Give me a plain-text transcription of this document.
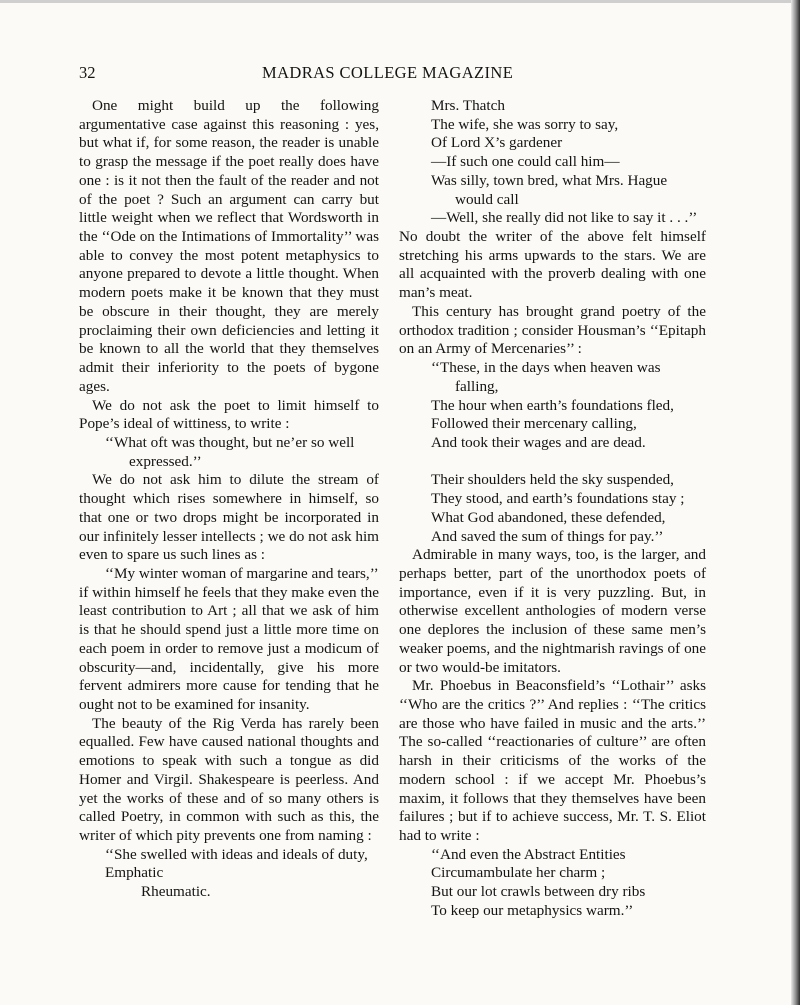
32	MADRAS COLLEGE MAGAZINE

One might build up the following argumentative case against this reasoning : yes, but what if, for some reason, the reader is unable to grasp the message if the poet really does have one : is it not then the fault of the reader and not of the poet ? Such an argument can carry but little weight when we reflect that Wordsworth in the ‘‘Ode on the Intimations of Immortality’’ was able to convey the most potent metaphysics to anyone prepared to devote a little thought. When modern poets make it be known that they must be obscure in their thought, they are merely proclaiming their own deficiencies and letting it be known to all the world that they themselves admit their inferiority to the poets of bygone ages.

We do not ask the poet to limit himself to Pope’s ideal of wittiness, to write :

‘‘What oft was thought, but ne’er so well expressed.’’

We do not ask him to dilute the stream of thought which rises somewhere in himself, so that one or two drops might be incorporated in our infinitely lesser intellects ; we do not ask him even to spare us such lines as :

‘‘My winter woman of margarine and tears,’’

if within himself he feels that they make even the least contribution to Art ; all that we ask of him is that he should spend just a little more time on each poem in order to remove just a modicum of obscurity—and, incidentally, give his more fervent admirers more cause for tending that he ought not to be examined for insanity.

The beauty of the Rig Verda has rarely been equalled. Few have caused national thoughts and emotions to speak with such a tongue as did Homer and Virgil. Shakespeare is peerless. And yet the works of these and of so many others is called Poetry, in common with such as this, the writer of which pity prevents one from naming :

‘‘She swelled with ideas and ideals of duty,
Emphatic
Rheumatic.
Mrs. Thatch
The wife, she was sorry to say,
Of Lord X’s gardener
—If such one could call him—
Was silly, town bred, what Mrs. Hague would call
—Well, she really did not like to say it . . .’’

No doubt the writer of the above felt himself stretching his arms upwards to the stars. We are all acquainted with the proverb dealing with one man’s meat.

This century has brought grand poetry of the orthodox tradition ; consider Housman’s ‘‘Epitaph on an Army of Mercenaries’’ :

‘‘These, in the days when heaven was falling,
The hour when earth’s foundations fled,
Followed their mercenary calling,
And took their wages and are dead.
Their shoulders held the sky suspended,
They stood, and earth’s foundations stay ;
What God abandoned, these defended,
And saved the sum of things for pay.’’

Admirable in many ways, too, is the larger, and perhaps better, part of the unorthodox poets of importance, even if it is very puzzling. But, in otherwise excellent anthologies of modern verse one deplores the inclusion of these same men’s weaker poems, and the nightmarish ravings of one or two would-be imitators.

Mr. Phoebus in Beaconsfield’s ‘‘Lothair’’ asks ‘‘Who are the critics ?’’ And replies : ‘‘The critics are those who have failed in music and the arts.’’ The so-called ‘‘reactionaries of culture’’ are often harsh in their criticisms of the works of the modern school : if we accept Mr. Phoebus’s maxim, it follows that they themselves have been failures ; but if to achieve success, Mr. T. S. Eliot had to write :

‘‘And even the Abstract Entities
Circumambulate her charm ;
But our lot crawls between dry ribs
To keep our metaphysics warm.’’
